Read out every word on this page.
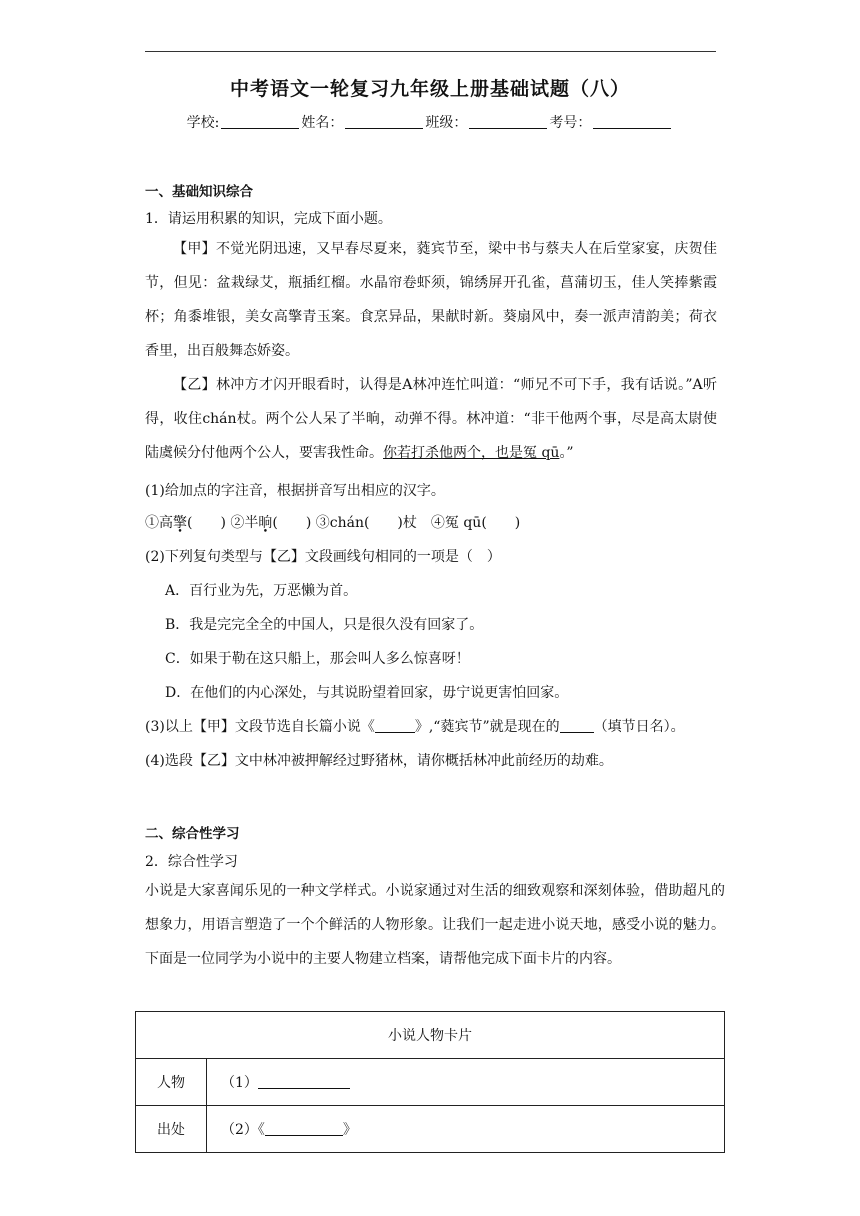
中考语文一轮复习九年级上册基础试题（八）
学校:	姓名：	班级：	考号：
一、基础知识综合
1．请运用积累的知识，完成下面小题。

【甲】不觉光阴迅速，又早春尽夏来，蕤宾节至，梁中书与蔡夫人在后堂家宴，庆贺佳节，但见：盆栽绿艾，瓶插红榴。水晶帘卷虾须，锦绣屏开孔雀，菖蒲切玉，佳人笑捧紫霞杯；角黍堆银，美女高擎青玉案。食烹异品，果献时新。葵扇风中，奏一派声清韵美；荷衣香里，出百般舞态娇姿。

【乙】林冲方才闪开眼看时，认得是A林冲连忙叫道：“师兄不可下手，我有话说。”A听得，收住chán杖。两个公人呆了半晌，动弹不得。林冲道：“非干他两个事，尽是高太尉使陆虞候分付他两个公人，要害我性命。你若打杀他两个，也是冤 qū。”

(1)给加点的字注音，根据拼音写出相应的汉字。
①高擎(　　) ②半晌(　　) ③chán(　　)杖　④冤 qū(　　)
(2)下列复句类型与【乙】文段画线句相同的一项是（　）
A．百行业为先，万恶懒为首。
B．我是完完全全的中国人，只是很久没有回家了。
C．如果于勒在这只船上，那会叫人多么惊喜呀！
D．在他们的内心深处，与其说盼望着回家，毋宁说更害怕回家。
(3)以上【甲】文段节选自长篇小说《	》,“蕤宾节”就是现在的 （填节日名）。
(4)选段【乙】文中林冲被押解经过野猪林，请你概括林冲此前经历的劫难。
二、综合性学习
2．综合性学习
小说是大家喜闻乐见的一种文学样式。小说家通过对生活的细致观察和深刻体验，借助超凡的想象力，用语言塑造了一个个鲜活的人物形象。让我们一起走进小说天地，感受小说的魅力。下面是一位同学为小说中的主要人物建立档案，请帮他完成下面卡片的内容。
小说人物卡片	
人物	（1）
出处	（2）《 》
